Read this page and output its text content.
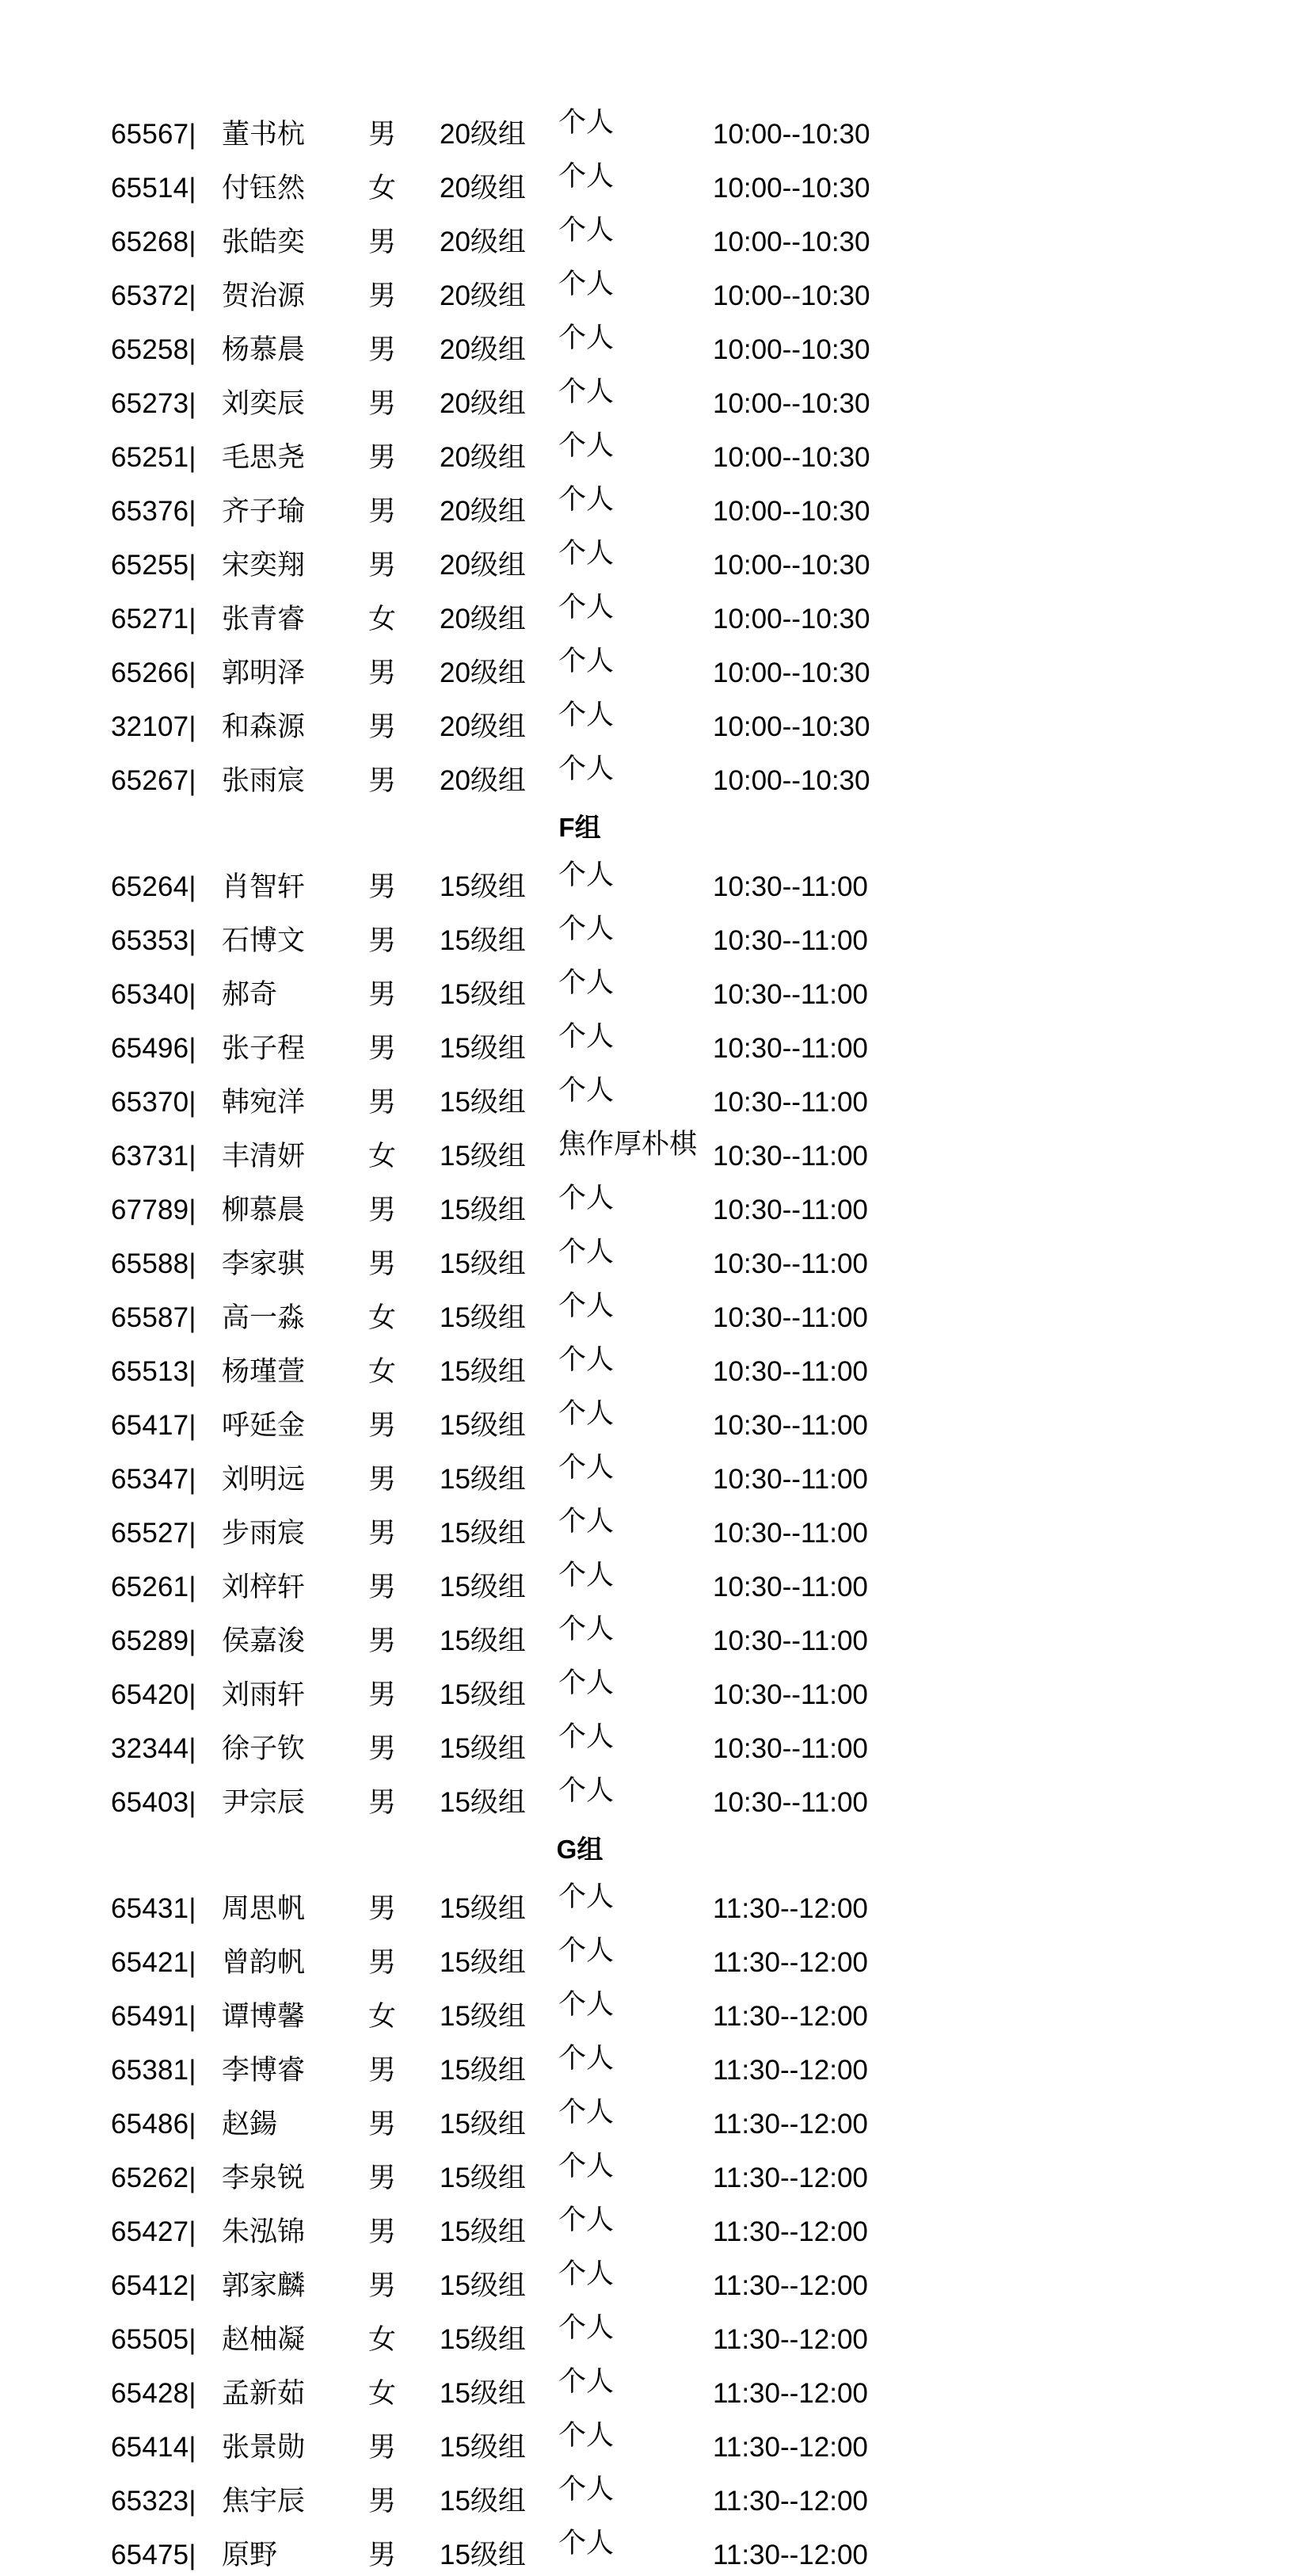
65567|	董书杭	男	20级组	个人	10:00--10:30
65514|	付钰然	女	20级组	个人	10:00--10:30
65268|	张皓奕	男	20级组	个人	10:00--10:30
65372|	贺治源	男	20级组	个人	10:00--10:30
65258|	杨慕晨	男	20级组	个人	10:00--10:30
65273|	刘奕辰	男	20级组	个人	10:00--10:30
65251|	毛思尧	男	20级组	个人	10:00--10:30
65376|	齐子瑜	男	20级组	个人	10:00--10:30
65255|	宋奕翔	男	20级组	个人	10:00--10:30
65271|	张青睿	女	20级组	个人	10:00--10:30
65266|	郭明泽	男	20级组	个人	10:00--10:30
32107|	和森源	男	20级组	个人	10:00--10:30
65267|	张雨宸	男	20级组	个人	10:00--10:30
F组					
65264|	肖智轩	男	15级组	个人	10:30--11:00
65353|	石博文	男	15级组	个人	10:30--11:00
65340|	郝奇	男	15级组	个人	10:30--11:00
65496|	张子程	男	15级组	个人	10:30--11:00
65370|	韩宛洋	男	15级组	个人	10:30--11:00
63731|	丰清妍	女	15级组	焦作厚朴棋	10:30--11:00
67789|	柳慕晨	男	15级组	个人	10:30--11:00
65588|	李家骐	男	15级组	个人	10:30--11:00
65587|	高一淼	女	15级组	个人	10:30--11:00
65513|	杨瑾萱	女	15级组	个人	10:30--11:00
65417|	呼延金	男	15级组	个人	10:30--11:00
65347|	刘明远	男	15级组	个人	10:30--11:00
65527|	步雨宸	男	15级组	个人	10:30--11:00
65261|	刘梓轩	男	15级组	个人	10:30--11:00
65289|	侯嘉浚	男	15级组	个人	10:30--11:00
65420|	刘雨轩	男	15级组	个人	10:30--11:00
32344|	徐子钦	男	15级组	个人	10:30--11:00
65403|	尹宗辰	男	15级组	个人	10:30--11:00
G组					
65431|	周思帆	男	15级组	个人	11:30--12:00
65421|	曾韵帆	男	15级组	个人	11:30--12:00
65491|	谭博馨	女	15级组	个人	11:30--12:00
65381|	李博睿	男	15级组	个人	11:30--12:00
65486|	赵鍚	男	15级组	个人	11:30--12:00
65262|	李泉锐	男	15级组	个人	11:30--12:00
65427|	朱泓锦	男	15级组	个人	11:30--12:00
65412|	郭家麟	男	15级组	个人	11:30--12:00
65505|	赵柚凝	女	15级组	个人	11:30--12:00
65428|	孟新茹	女	15级组	个人	11:30--12:00
65414|	张景勋	男	15级组	个人	11:30--12:00
65323|	焦宇辰	男	15级组	个人	11:30--12:00
65475|	原野	男	15级组	个人	11:30--12:00
